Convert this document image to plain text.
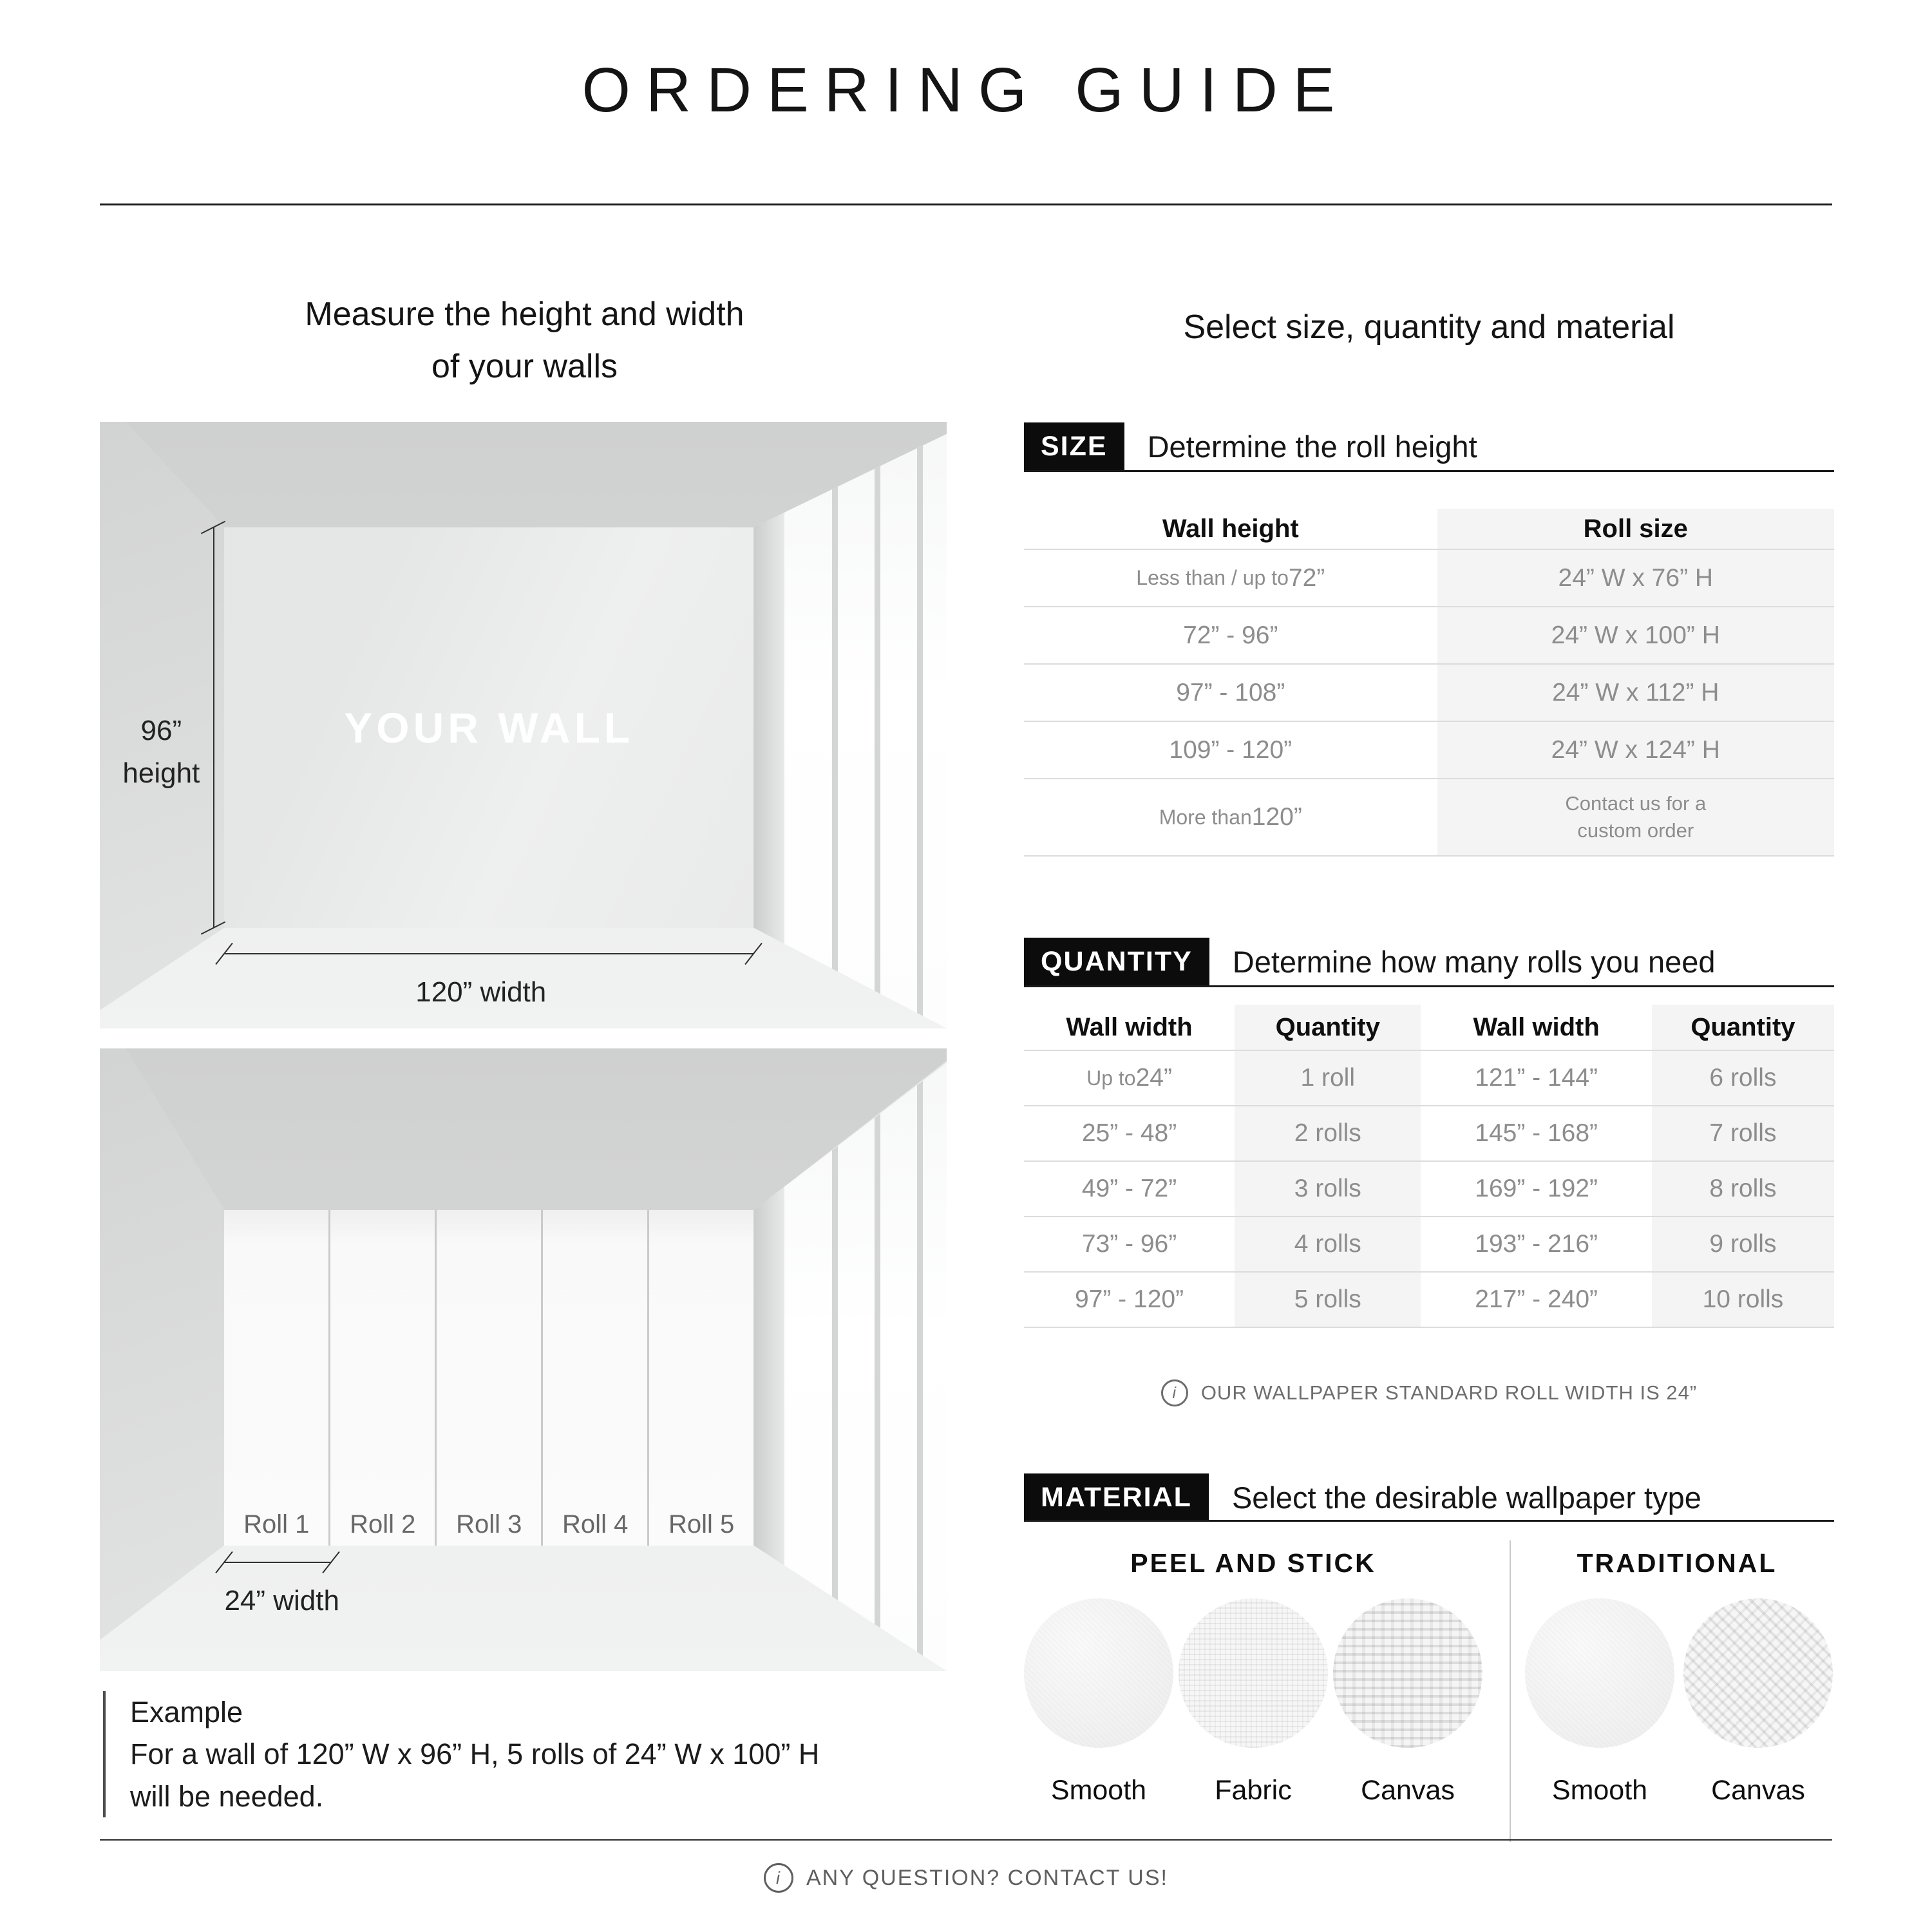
ORDERING GUIDE
Measure the height and width
of your walls
Select size, quantity and material
YOUR WALL
96”
height
120” width
Roll 1	Roll 2	Roll 3	Roll 4	Roll 5
24” width
Example
For a wall of 120” W x 96” H, 5 rolls of 24” W x 100” H
will be needed.
SIZE	Determine the roll height
Wall height	Roll size
Less than / up to 72”	24” W x 76” H
72” - 96”	24” W x 100” H
97” - 108”	24” W x 112” H
109” - 120”	24” W x 124” H
More than 120”	Contact us for a
custom order
QUANTITY	Determine how many rolls you need
Wall width	Quantity	Wall width	Quantity
Up to 24”	1 roll	121” - 144”	6 rolls
25” - 48”	2 rolls	145” - 168”	7 rolls
49” - 72”	3 rolls	169” - 192”	8 rolls
73” - 96”	4 rolls	193” - 216”	9 rolls
97” - 120”	5 rolls	217” - 240”	10 rolls
i OUR WALLPAPER STANDARD ROLL WIDTH IS 24”
MATERIAL	Select the desirable wallpaper type
PEEL AND STICK	TRADITIONAL
Smooth	Fabric	Canvas	Smooth	Canvas
i ANY QUESTION? CONTACT US!
